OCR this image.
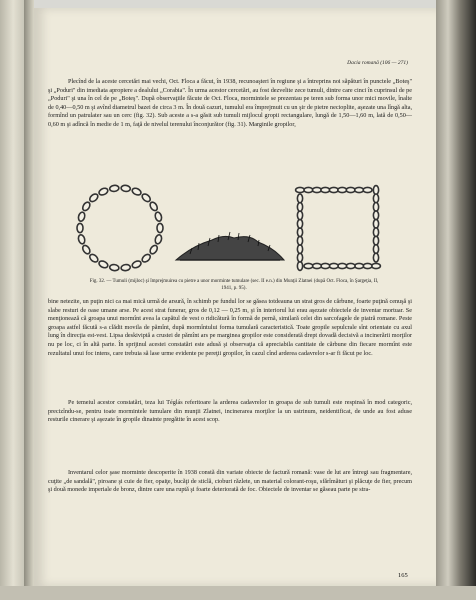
Dacia romană (106 — 271)

Plecînd de la aceste cercetări mai vechi, Oct. Floca a făcut, în 1938, recunoaşteri în regiune şi a întreprins noi săpături în punctele „Boteş" şi „Poduri" din imediata apropiere a dealului „Corabia". În urma acestor cercetări, au fost dezvelite zece tumuli, dintre care cinci în cuprinsul de pe „Poduri" şi una în cel de pe „Boteş". După observaţiile făcute de Oct. Floca, mormintele se prezentau pe teren sub forma unor mici movile, înalte de 0,40—0,50 m şi avînd diametrul bazei de circa 3 m. În două cazuri, tumulul era împrejmuit cu un şir de pietre necioplite, aşezate una lîngă alta, formînd un patrulater sau un cerc (fig. 32). Sub aceste a s-a găsit sub tumuli mijlocul gropii rectangulare, lungă de 1,50—1,60 m, lată de 0,50—0,60 m şi adîncă în medie de 1 m, faţă de nivelul terenului înconjurător (fig. 31). Marginile gropilor,

Fig. 32. — Tumuli (mijloc) şi împrejmuirea cu pietre a unor morminte tumulare (sec. II e.n.) din Munţii Zlatnei (după Oct. Floca, în Şargeţia, II, 1941, p. 95).

bine netezite, un puţin nici ca mai mică urmă de arsură, în schimb pe fundul lor se găsea totdeauna un strat gros de cărbune, foarte puţină cenuşă şi slabe resturi de oase umane arse. Pe acest strat funerar, gros de 0,12 — 0,25 m, şi în interiorul lui erau aşezate obiectele de inventar mortuar. Se menţionează că groapa unui mormînt avea la capătul de vest o ridicătură în formă de pernă, similară celei din sarcofagele de piatră romane. Peste groapa astfel făcută s-a clădit movila de pămînt, după mormîntului forma tumulară caracteristică. Toate gropile sepulcrale sînt orientate cu axul lung în direcţia est-vest. Lipsa deskiviptă a crustei de pămînt ars pe marginea gropilor este considerată drept dovadă decisivă a incinerării morţilor nu pe loc, ci în altă parte. În sprijinul acestei constatări este adusă şi observaţia că apreciabila cantitate de cărbune din fiecare mormînt este rezultatul unui foc intens, care trebuia să lase urme evidente pe pereţii gropilor, în cazul cînd arderea cadavrelor s-ar fi făcut pe loc.

Pe temeiul acestor constatări, teza lui Téglás referitoare la arderea cadavrelor in groapa de sub tumuli este respinsă în mod categoric, precizîndu-se, pentru toate mormintele tumulare din munţii Zlatnei, incinerarea morţilor la un ustrinum, neidentificat, de unde au fost aduse resturile cinerare şi aşezate în gropile dinainte pregătite în acest scop.

Inventarul celor şase morminte descoperite în 1938 constă din variate obiecte de factură romană: vase de lut are întregi sau fragmentare, cuţite „de sandală", piroane şi cuie de fier, opaiţe, bucăţi de sticlă, cioburi răzlete, un material colorant-roşu, sfărîmături şi plăcuţe de fier, precum şi două monede imperiale de bronz, dintre care una ruptă şi foarte deteriorată de foc. Obiectele de inventar se găseau parte pe stra-

165
